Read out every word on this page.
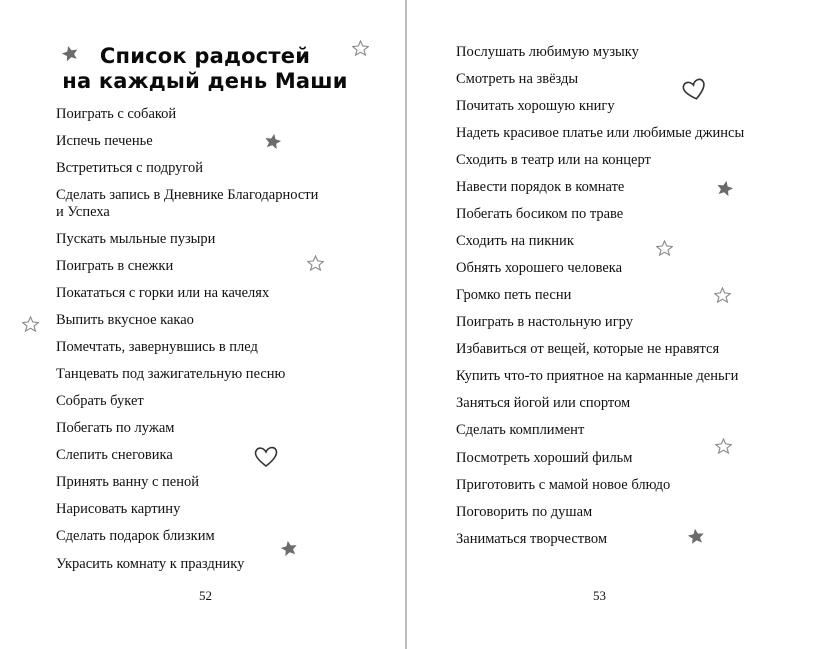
Список радостей
на каждый день Маши
Поиграть с собакой
Испечь печенье
Встретиться с подругой
Сделать запись в Дневнике Благодарности
и Успеха
Пускать мыльные пузыри
Поиграть в снежки
Покататься с горки или на качелях
Выпить вкусное какао
Помечтать, завернувшись в плед
Танцевать под зажигательную песню
Собрать букет
Побегать по лужам
Слепить снеговика
Принять ванну с пеной
Нарисовать картину
Сделать подарок близким
Украсить комнату к празднику
52
Послушать любимую музыку
Смотреть на звёзды
Почитать хорошую книгу
Надеть красивое платье или любимые джинсы
Сходить в театр или на концерт
Навести порядок в комнате
Побегать босиком по траве
Сходить на пикник
Обнять хорошего человека
Громко петь песни
Поиграть в настольную игру
Избавиться от вещей, которые не нравятся
Купить что-то приятное на карманные деньги
Заняться йогой или спортом
Сделать комплимент
Посмотреть хороший фильм
Приготовить с мамой новое блюдо
Поговорить по душам
Заниматься творчеством
53
